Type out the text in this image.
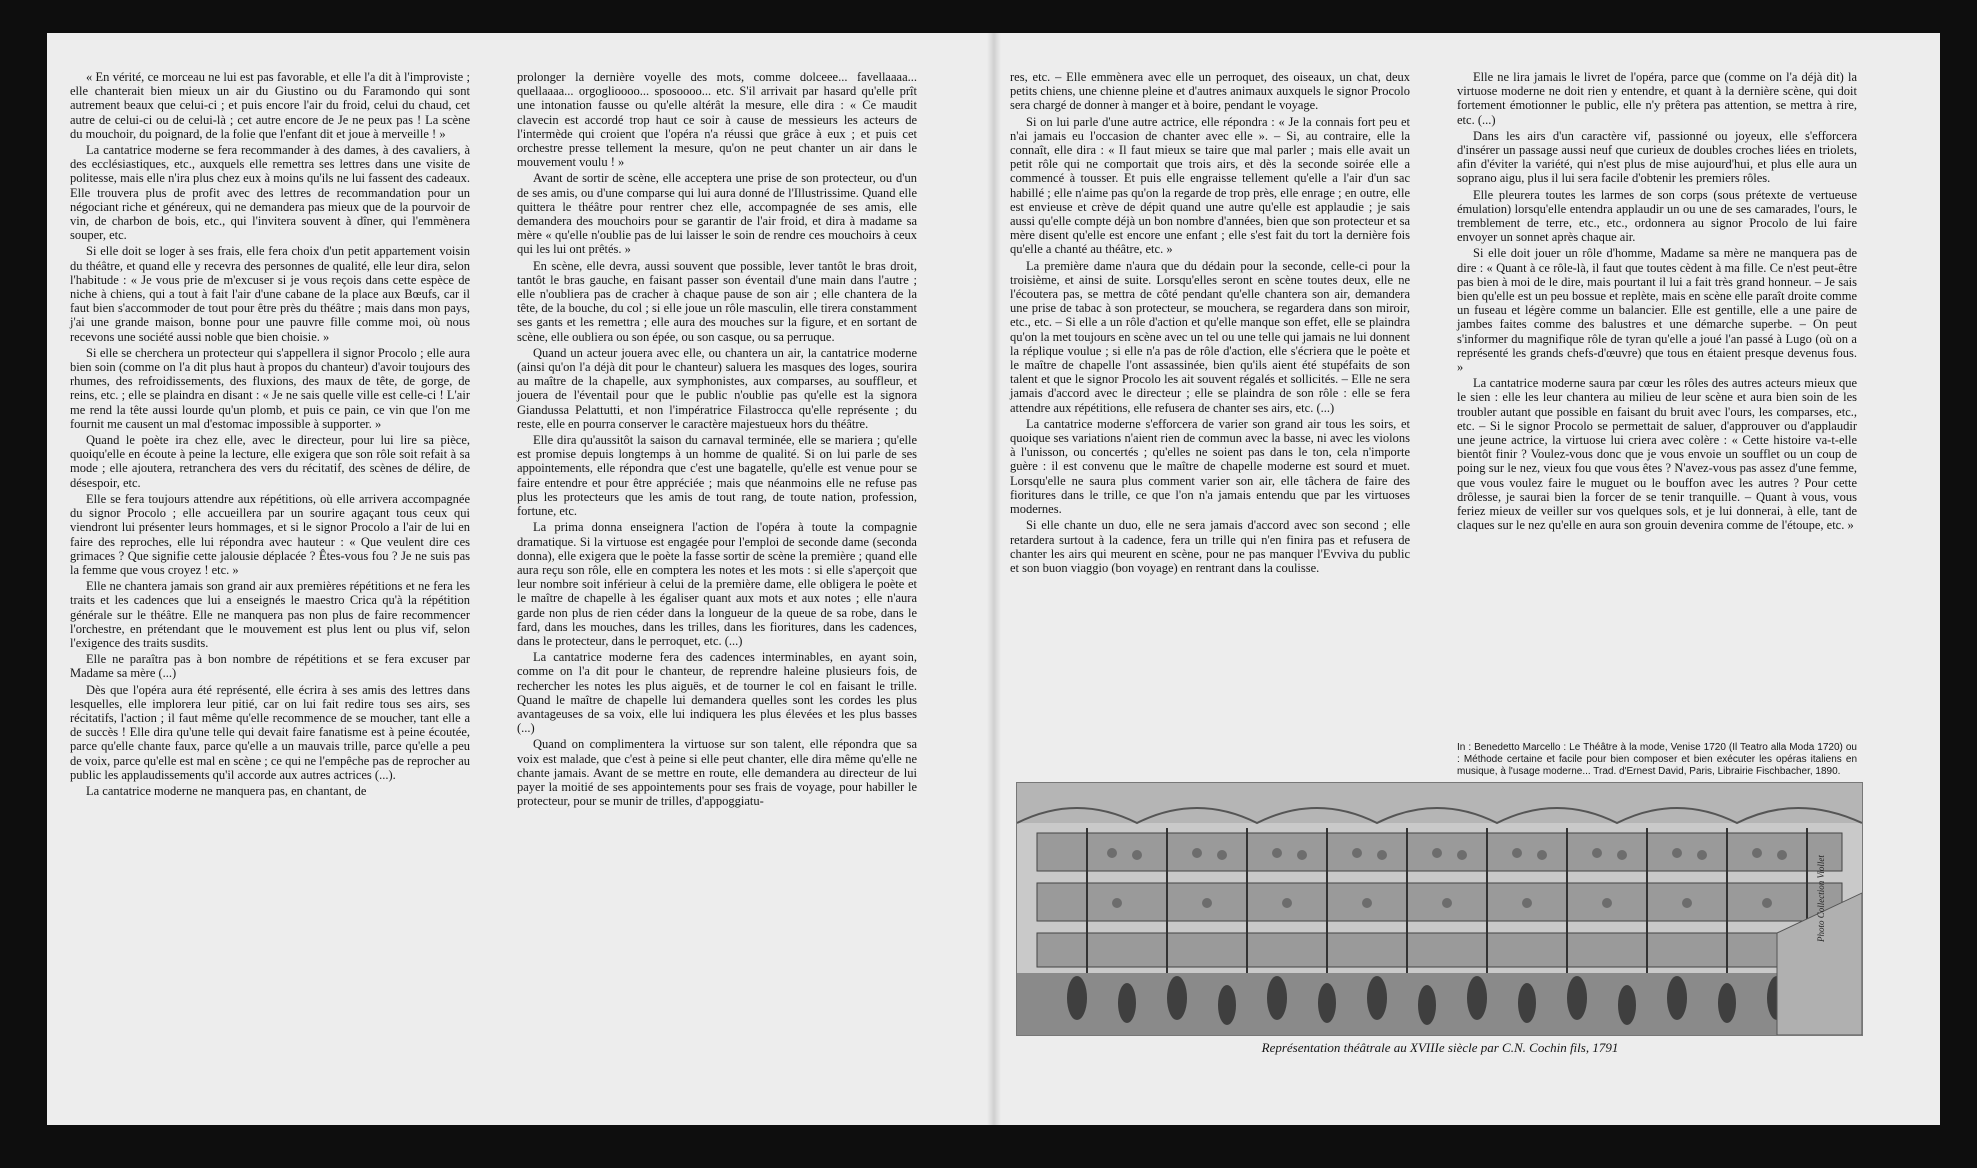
« En vérité, ce morceau ne lui est pas favorable, et elle l'a dit à l'improviste ; elle chanterait bien mieux un air du Giustino ou du Faramondo qui sont autrement beaux que celui-ci ; et puis encore l'air du froid, celui du chaud, cet autre de celui-ci ou de celui-là ; cet autre encore de Je ne peux pas ! La scène du mouchoir, du poignard, de la folie que l'enfant dit et joue à merveille ! »

La cantatrice moderne se fera recommander à des dames, à des cavaliers, à des ecclésiastiques, etc., auxquels elle remettra ses lettres dans une visite de politesse, mais elle n'ira plus chez eux à moins qu'ils ne lui fassent des cadeaux. Elle trouvera plus de profit avec des lettres de recommandation pour un négociant riche et généreux, qui ne demandera pas mieux que de la pourvoir de vin, de charbon de bois, etc., qui l'invitera souvent à dîner, qui l'emmènera souper, etc.

Si elle doit se loger à ses frais, elle fera choix d'un petit appartement voisin du théâtre, et quand elle y recevra des personnes de qualité, elle leur dira, selon l'habitude : « Je vous prie de m'excuser si je vous reçois dans cette espèce de niche à chiens, qui a tout à fait l'air d'une cabane de la place aux Bœufs, car il faut bien s'accommoder de tout pour être près du théâtre ; mais dans mon pays, j'ai une grande maison, bonne pour une pauvre fille comme moi, où nous recevons une société aussi noble que bien choisie. »

Si elle se cherchera un protecteur qui s'appellera il signor Procolo ; elle aura bien soin (comme on l'a dit plus haut à propos du chanteur) d'avoir toujours des rhumes, des refroidissements, des fluxions, des maux de tête, de gorge, de reins, etc. ; elle se plaindra en disant : « Je ne sais quelle ville est celle-ci ! L'air me rend la tête aussi lourde qu'un plomb, et puis ce pain, ce vin que l'on me fournit me causent un mal d'estomac impossible à supporter. »

Quand le poète ira chez elle, avec le directeur, pour lui lire sa pièce, quoiqu'elle en écoute à peine la lecture, elle exigera que son rôle soit refait à sa mode ; elle ajoutera, retranchera des vers du récitatif, des scènes de délire, de désespoir, etc.

Elle se fera toujours attendre aux répétitions, où elle arrivera accompagnée du signor Procolo ; elle accueillera par un sourire agaçant tous ceux qui viendront lui présenter leurs hommages, et si le signor Procolo a l'air de lui en faire des reproches, elle lui répondra avec hauteur : « Que veulent dire ces grimaces ? Que signifie cette jalousie déplacée ? Êtes-vous fou ? Je ne suis pas la femme que vous croyez ! etc. »

Elle ne chantera jamais son grand air aux premières répétitions et ne fera les traits et les cadences que lui a enseignés le maestro Crica qu'à la répétition générale sur le théâtre. Elle ne manquera pas non plus de faire recommencer l'orchestre, en prétendant que le mouvement est plus lent ou plus vif, selon l'exigence des traits susdits.

Elle ne paraîtra pas à bon nombre de répétitions et se fera excuser par Madame sa mère (...)

Dès que l'opéra aura été représenté, elle écrira à ses amis des lettres dans lesquelles, elle implorera leur pitié, car on lui fait redire tous ses airs, ses récitatifs, l'action ; il faut même qu'elle recommence de se moucher, tant elle a de succès ! Elle dira qu'une telle qui devait faire fanatisme est à peine écoutée, parce qu'elle chante faux, parce qu'elle a un mauvais trille, parce qu'elle a peu de voix, parce qu'elle est mal en scène ; ce qui ne l'empêche pas de reprocher au public les applaudissements qu'il accorde aux autres actrices (...).

La cantatrice moderne ne manquera pas, en chantant, de

prolonger la dernière voyelle des mots, comme dolceee... favellaaaa... quellaaaa... orgoglioooo... sposoooo... etc. S'il arrivait par hasard qu'elle prît une intonation fausse ou qu'elle altérât la mesure, elle dira : « Ce maudit clavecin est accordé trop haut ce soir à cause de messieurs les acteurs de l'intermède qui croient que l'opéra n'a réussi que grâce à eux ; et puis cet orchestre presse tellement la mesure, qu'on ne peut chanter un air dans le mouvement voulu ! »

Avant de sortir de scène, elle acceptera une prise de son protecteur, ou d'un de ses amis, ou d'une comparse qui lui aura donné de l'Illustrissime. Quand elle quittera le théâtre pour rentrer chez elle, accompagnée de ses amis, elle demandera des mouchoirs pour se garantir de l'air froid, et dira à madame sa mère « qu'elle n'oublie pas de lui laisser le soin de rendre ces mouchoirs à ceux qui les lui ont prêtés. »

En scène, elle devra, aussi souvent que possible, lever tantôt le bras droit, tantôt le bras gauche, en faisant passer son éventail d'une main dans l'autre ; elle n'oubliera pas de cracher à chaque pause de son air ; elle chantera de la tête, de la bouche, du col ; si elle joue un rôle masculin, elle tirera constamment ses gants et les remettra ; elle aura des mouches sur la figure, et en sortant de scène, elle oubliera ou son épée, ou son casque, ou sa perruque.

Quand un acteur jouera avec elle, ou chantera un air, la cantatrice moderne (ainsi qu'on l'a déjà dit pour le chanteur) saluera les masques des loges, sourira au maître de la chapelle, aux symphonistes, aux comparses, au souffleur, et jouera de l'éventail pour que le public n'oublie pas qu'elle est la signora Giandussa Pelattutti, et non l'impératrice Filastrocca qu'elle représente ; du reste, elle en pourra conserver le caractère majestueux hors du théâtre.

Elle dira qu'aussitôt la saison du carnaval terminée, elle se mariera ; qu'elle est promise depuis longtemps à un homme de qualité. Si on lui parle de ses appointements, elle répondra que c'est une bagatelle, qu'elle est venue pour se faire entendre et pour être appréciée ; mais que néanmoins elle ne refuse pas plus les protecteurs que les amis de tout rang, de toute nation, profession, fortune, etc.

La prima donna enseignera l'action de l'opéra à toute la compagnie dramatique. Si la virtuose est engagée pour l'emploi de seconde dame (seconda donna), elle exigera que le poète la fasse sortir de scène la première ; quand elle aura reçu son rôle, elle en comptera les notes et les mots : si elle s'aperçoit que leur nombre soit inférieur à celui de la première dame, elle obligera le poète et le maître de chapelle à les égaliser quant aux mots et aux notes ; elle n'aura garde non plus de rien céder dans la longueur de la queue de sa robe, dans le fard, dans les mouches, dans les trilles, dans les fioritures, dans les cadences, dans le protecteur, dans le perroquet, etc. (...)

La cantatrice moderne fera des cadences interminables, en ayant soin, comme on l'a dit pour le chanteur, de reprendre haleine plusieurs fois, de rechercher les notes les plus aiguës, et de tourner le col en faisant le trille. Quand le maître de chapelle lui demandera quelles sont les cordes les plus avantageuses de sa voix, elle lui indiquera les plus élevées et les plus basses (...)

Quand on complimentera la virtuose sur son talent, elle répondra que sa voix est malade, que c'est à peine si elle peut chanter, elle dira même qu'elle ne chante jamais. Avant de se mettre en route, elle demandera au directeur de lui payer la moitié de ses appointements pour ses frais de voyage, pour habiller le protecteur, pour se munir de trilles, d'appoggiatu-

res, etc. – Elle emmènera avec elle un perroquet, des oiseaux, un chat, deux petits chiens, une chienne pleine et d'autres animaux auxquels le signor Procolo sera chargé de donner à manger et à boire, pendant le voyage.

Si on lui parle d'une autre actrice, elle répondra : « Je la connais fort peu et n'ai jamais eu l'occasion de chanter avec elle ». – Si, au contraire, elle la connaît, elle dira : « Il faut mieux se taire que mal parler ; mais elle avait un petit rôle qui ne comportait que trois airs, et dès la seconde soirée elle a commencé à tousser. Et puis elle engraisse tellement qu'elle a l'air d'un sac habillé ; elle n'aime pas qu'on la regarde de trop près, elle enrage ; en outre, elle est envieuse et crève de dépit quand une autre qu'elle est applaudie ; je sais aussi qu'elle compte déjà un bon nombre d'années, bien que son protecteur et sa mère disent qu'elle est encore une enfant ; elle s'est fait du tort la dernière fois qu'elle a chanté au théâtre, etc. »

La première dame n'aura que du dédain pour la seconde, celle-ci pour la troisième, et ainsi de suite. Lorsqu'elles seront en scène toutes deux, elle ne l'écoutera pas, se mettra de côté pendant qu'elle chantera son air, demandera une prise de tabac à son protecteur, se mouchera, se regardera dans son miroir, etc., etc. – Si elle a un rôle d'action et qu'elle manque son effet, elle se plaindra qu'on la met toujours en scène avec un tel ou une telle qui jamais ne lui donnent la réplique voulue ; si elle n'a pas de rôle d'action, elle s'écriera que le poète et le maître de chapelle l'ont assassinée, bien qu'ils aient été stupéfaits de son talent et que le signor Procolo les ait souvent régalés et sollicités. – Elle ne sera jamais d'accord avec le directeur ; elle se plaindra de son rôle : elle se fera attendre aux répétitions, elle refusera de chanter ses airs, etc. (...)

La cantatrice moderne s'efforcera de varier son grand air tous les soirs, et quoique ses variations n'aient rien de commun avec la basse, ni avec les violons à l'unisson, ou concertés ; qu'elles ne soient pas dans le ton, cela n'importe guère : il est convenu que le maître de chapelle moderne est sourd et muet. Lorsqu'elle ne saura plus comment varier son air, elle tâchera de faire des fioritures dans le trille, ce que l'on n'a jamais entendu que par les virtuoses modernes.

Si elle chante un duo, elle ne sera jamais d'accord avec son second ; elle retardera surtout à la cadence, fera un trille qui n'en finira pas et refusera de chanter les airs qui meurent en scène, pour ne pas manquer l'Evviva du public et son buon viaggio (bon voyage) en rentrant dans la coulisse.

Elle ne lira jamais le livret de l'opéra, parce que (comme on l'a déjà dit) la virtuose moderne ne doit rien y entendre, et quant à la dernière scène, qui doit fortement émotionner le public, elle n'y prêtera pas attention, se mettra à rire, etc. (...)

Dans les airs d'un caractère vif, passionné ou joyeux, elle s'efforcera d'insérer un passage aussi neuf que curieux de doubles croches liées en triolets, afin d'éviter la variété, qui n'est plus de mise aujourd'hui, et plus elle aura un soprano aigu, plus il lui sera facile d'obtenir les premiers rôles.

Elle pleurera toutes les larmes de son corps (sous prétexte de vertueuse émulation) lorsqu'elle entendra applaudir un ou une de ses camarades, l'ours, le tremblement de terre, etc., etc., ordonnera au signor Procolo de lui faire envoyer un sonnet après chaque air.

Si elle doit jouer un rôle d'homme, Madame sa mère ne manquera pas de dire : « Quant à ce rôle-là, il faut que toutes cèdent à ma fille. Ce n'est peut-être pas bien à moi de le dire, mais pourtant il lui a fait très grand honneur. – Je sais bien qu'elle est un peu bossue et replète, mais en scène elle paraît droite comme un fuseau et légère comme un balancier. Elle est gentille, elle a une paire de jambes faites comme des balustres et une démarche superbe. – On peut s'informer du magnifique rôle de tyran qu'elle a joué l'an passé à Lugo (où on a représenté les grands chefs-d'œuvre) que tous en étaient presque devenus fous. »

La cantatrice moderne saura par cœur les rôles des autres acteurs mieux que le sien : elle les leur chantera au milieu de leur scène et aura bien soin de les troubler autant que possible en faisant du bruit avec l'ours, les comparses, etc., etc. – Si le signor Procolo se permettait de saluer, d'approuver ou d'applaudir une jeune actrice, la virtuose lui criera avec colère : « Cette histoire va-t-elle bientôt finir ? Voulez-vous donc que je vous envoie un soufflet ou un coup de poing sur le nez, vieux fou que vous êtes ? N'avez-vous pas assez d'une femme, que vous voulez faire le muguet ou le bouffon avec les autres ? Pour cette drôlesse, je saurai bien la forcer de se tenir tranquille. – Quant à vous, vous feriez mieux de veiller sur vos quelques sols, et je lui donnerai, à elle, tant de claques sur le nez qu'elle en aura son grouin devenira comme de l'étoupe, etc. »

In : Benedetto Marcello : Le Théâtre à la mode, Venise 1720 (Il Teatro alla Moda 1720) ou : Méthode certaine et facile pour bien composer et bien exécuter les opéras italiens en musique, à l'usage moderne... Trad. d'Ernest David, Paris, Librairie Fischbacher, 1890.
Photo Collection Viollet
Représentation théâtrale au XVIIIe siècle par C.N. Cochin fils, 1791
